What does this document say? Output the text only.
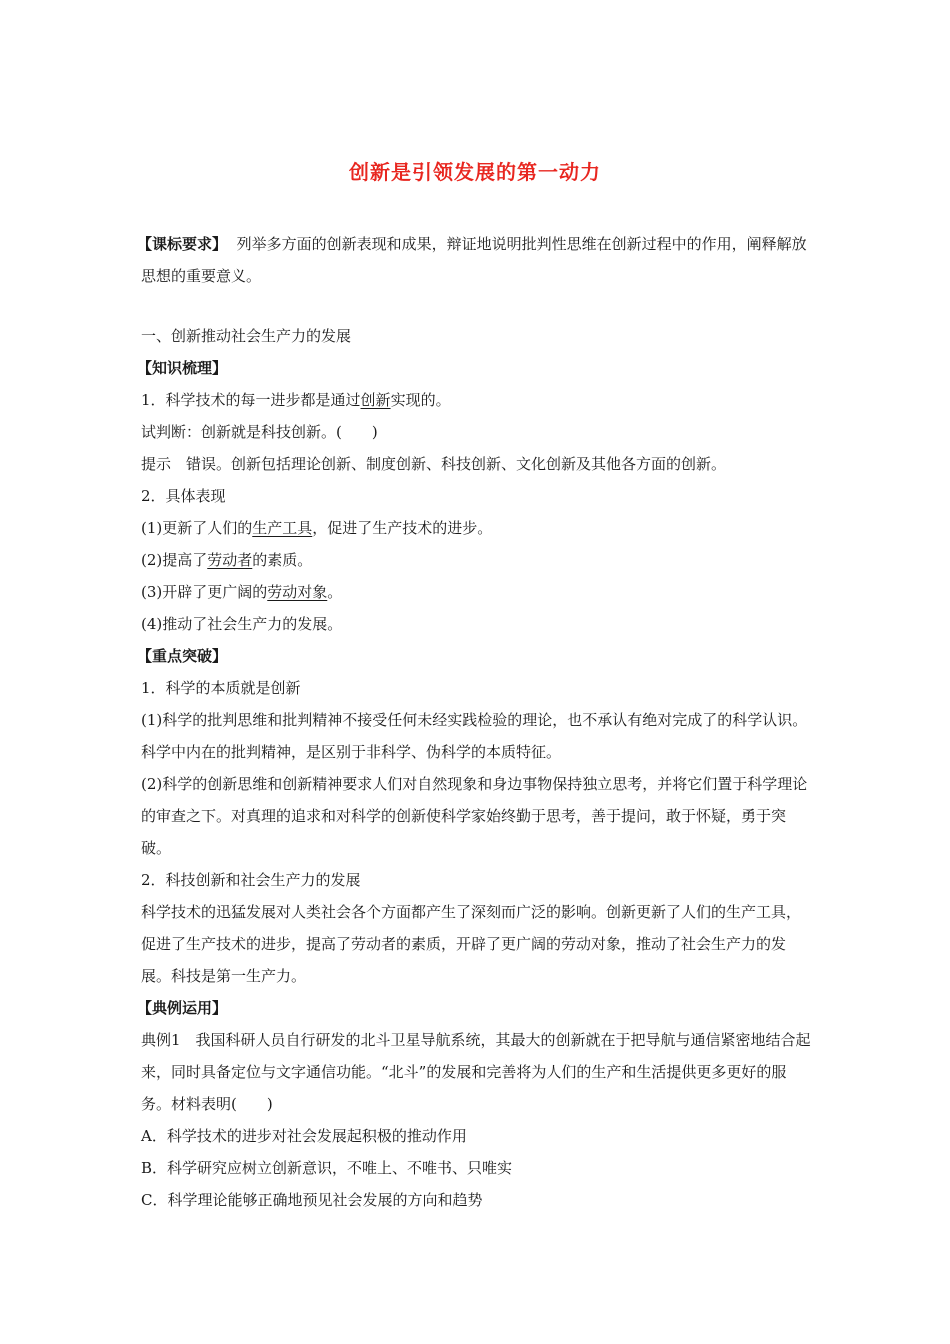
创新是引领发展的第一动力

【课标要求】 列举多方面的创新表现和成果，辩证地说明批判性思维在创新过程中的作用，阐释解放思想的重要意义。

一、创新推动社会生产力的发展

【知识梳理】

1．科学技术的每一进步都是通过创新实现的。

试判断：创新就是科技创新。(　　)

提示　错误。创新包括理论创新、制度创新、科技创新、文化创新及其他各方面的创新。

2．具体表现

(1)更新了人们的生产工具，促进了生产技术的进步。

(2)提高了劳动者的素质。

(3)开辟了更广阔的劳动对象。

(4)推动了社会生产力的发展。

【重点突破】

1．科学的本质就是创新

(1)科学的批判思维和批判精神不接受任何未经实践检验的理论，也不承认有绝对完成了的科学认识。科学中内在的批判精神，是区别于非科学、伪科学的本质特征。

(2)科学的创新思维和创新精神要求人们对自然现象和身边事物保持独立思考，并将它们置于科学理论的审查之下。对真理的追求和对科学的创新使科学家始终勤于思考，善于提问，敢于怀疑，勇于突破。

2．科技创新和社会生产力的发展

科学技术的迅猛发展对人类社会各个方面都产生了深刻而广泛的影响。创新更新了人们的生产工具，促进了生产技术的进步，提高了劳动者的素质，开辟了更广阔的劳动对象，推动了社会生产力的发展。科技是第一生产力。

【典例运用】

典例1　我国科研人员自行研发的北斗卫星导航系统，其最大的创新就在于把导航与通信紧密地结合起来，同时具备定位与文字通信功能。“北斗”的发展和完善将为人们的生产和生活提供更多更好的服务。材料表明(　　)

A．科学技术的进步对社会发展起积极的推动作用

B．科学研究应树立创新意识，不唯上、不唯书、只唯实

C．科学理论能够正确地预见社会发展的方向和趋势
